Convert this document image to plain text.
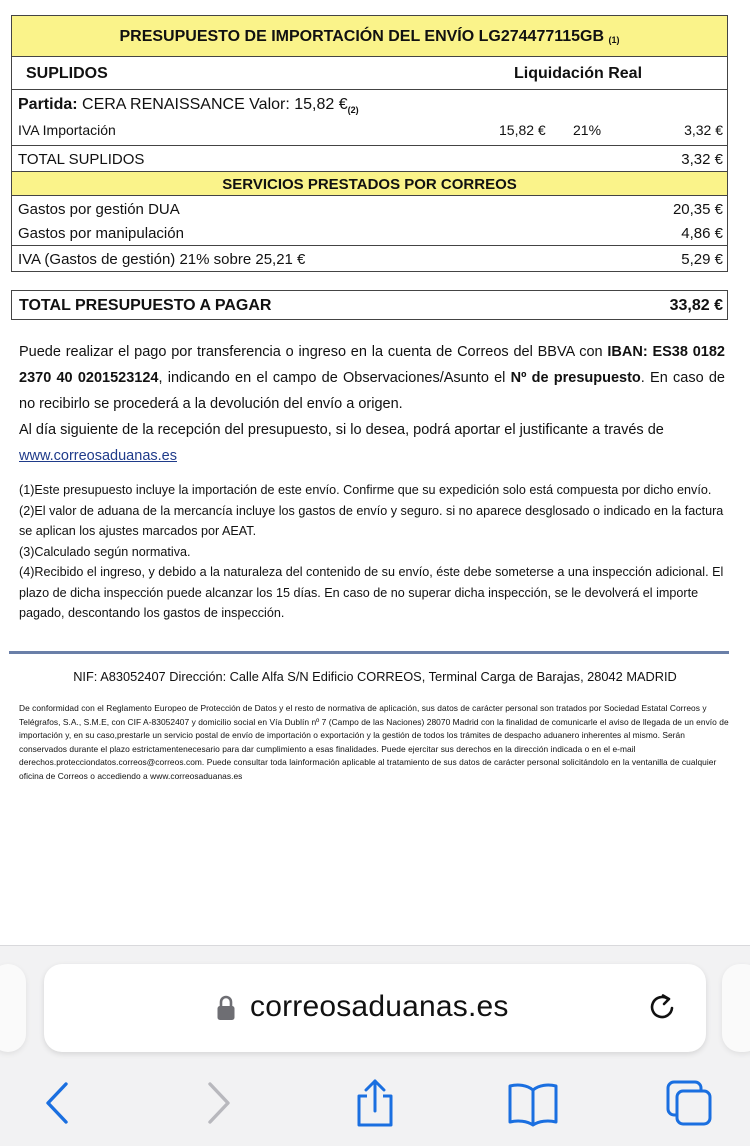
PRESUPUESTO DE IMPORTACIÓN DEL ENVÍO LG274477115GB $_{(1)}$
SUPLIDOS	Liquidación Real
Partida: CERA RENAISSANCE Valor: 15,82 $€_{(2)}$
IVA Importación	15,82 € 21%	3,32 €
TOTAL SUPLIDOS	3,32 €
SERVICIOS PRESTADOS POR CORREOS
Gastos por gestión DUA	20,35 €
Gastos por manipulación	4,86 €
IVA (Gastos de gestión) 21% sobre 25,21 €	5,29 €
TOTAL PRESUPUESTO A PAGAR	33,82 €
Puede realizar el pago por transferencia o ingreso en la cuenta de Correos del BBVA con IBAN: ES38 0182 2370 40 0201523124, indicando en el campo de Observaciones/Asunto el Nº de presupuesto. En caso de no recibirlo se procederá a la devolución del envío a origen.
Al día siguiente de la recepción del presupuesto, si lo desea, podrá aportar el justificante a través de
www.correosaduanas.es
(1)Este presupuesto incluye la importación de este envío. Confirme que su expedición solo está compuesta por dicho envío.
(2)El valor de aduana de la mercancía incluye los gastos de envío y seguro. si no aparece desglosado o indicado en la factura se aplican los ajustes marcados por AEAT.
(3)Calculado según normativa.
(4)Recibido el ingreso, y debido a la naturaleza del contenido de su envío, éste debe someterse a una inspección adicional. El plazo de dicha inspección puede alcanzar los 15 días. En caso de no superar dicha inspección, se le devolverá el importe pagado, descontando los gastos de inspección.
NIF: A83052407 Dirección: Calle Alfa S/N Edificio CORREOS, Terminal Carga de Barajas, 28042 MADRID
De conformidad con el Reglamento Europeo de Protección de Datos y el resto de normativa de aplicación, sus datos de carácter personal son tratados por Sociedad Estatal Correos y Telégrafos, S.A., S.M.E, con CIF A-83052407 y domicilio social en Vía Dublín nº 7 (Campo de las Naciones) 28070 Madrid con la finalidad de comunicarle el aviso de llegada de un envío de importación y, en su caso,prestarle un servicio postal de envío de importación o exportación y la gestión de todos los trámites de despacho aduanero inherentes al mismo. Serán conservados durante el plazo estrictamentenecesario para dar cumplimiento a esas finalidades. Puede ejercitar sus derechos en la dirección indicada o en el e-mail derechos.protecciondatos.correos@correos.com. Puede consultar toda lainformación aplicable al tratamiento de sus datos de carácter personal solicitándolo en la ventanilla de cualquier oficina de Correos o accediendo a www.correosaduanas.es
correosaduanas.es
